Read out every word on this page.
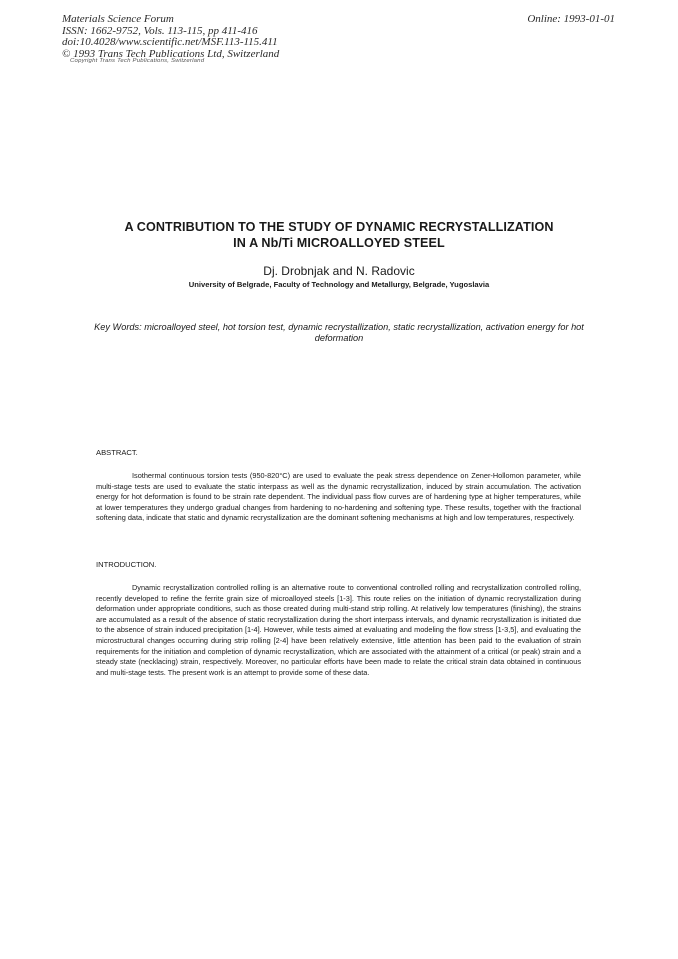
Materials Science Forum
ISSN: 1662-9752, Vols. 113-115, pp 411-416
doi:10.4028/www.scientific.net/MSF.113-115.411
© 1993 Trans Tech Publications Ltd, Switzerland
Online: 1993-01-01
Copyright Trans Tech Publications, Switzerland
A CONTRIBUTION TO THE STUDY OF DYNAMIC RECRYSTALLIZATION
IN A Nb/Ti MICROALLOYED STEEL
Dj. Drobnjak and N. Radovic
University of Belgrade, Faculty of Technology and Metallurgy, Belgrade, Yugoslavia
Key Words: microalloyed steel, hot torsion test, dynamic recrystallization, static recrystallization, activation energy for hot deformation
ABSTRACT.

Isothermal continuous torsion tests (950-820°C) are used to evaluate the peak stress dependence on Zener-Hollomon parameter, while multi-stage tests are used to evaluate the static interpass as well as the dynamic recrystallization, induced by strain accumulation. The activation energy for hot deformation is found to be strain rate dependent. The individual pass flow curves are of hardening type at higher temperatures, while at lower temperatures they undergo gradual changes from hardening to no-hardening and softening type. These results, together with the fractional softening data, indicate that static and dynamic recrystallization are the dominant softening mechanisms at high and low temperatures, respectively.

INTRODUCTION.

Dynamic recrystallization controlled rolling is an alternative route to conventional controlled rolling and recrystallization controlled rolling, recently developed to refine the ferrite grain size of microalloyed steels [1-3]. This route relies on the initiation of dynamic recrystallization during deformation under appropriate conditions, such as those created during multi-stand strip rolling. At relatively low temperatures (finishing), the strains are accumulated as a result of the absence of static recrystallization during the short interpass intervals, and dynamic recrystallization is initiated due to the absence of strain induced precipitation [1-4]. However, while tests aimed at evaluating and modeling the flow stress [1-3,5], and evaluating the microstructural changes occurring during strip rolling [2-4] have been relatively extensive, little attention has been paid to the evaluation of strain requirements for the initiation and completion of dynamic recrystallization, which are associated with the attainment of a critical (or peak) strain and a steady state (necklacing) strain, respectively. Moreover, no particular efforts have been made to relate the critical strain data obtained in continuous and multi-stage tests. The present work is an attempt to provide some of these data.
